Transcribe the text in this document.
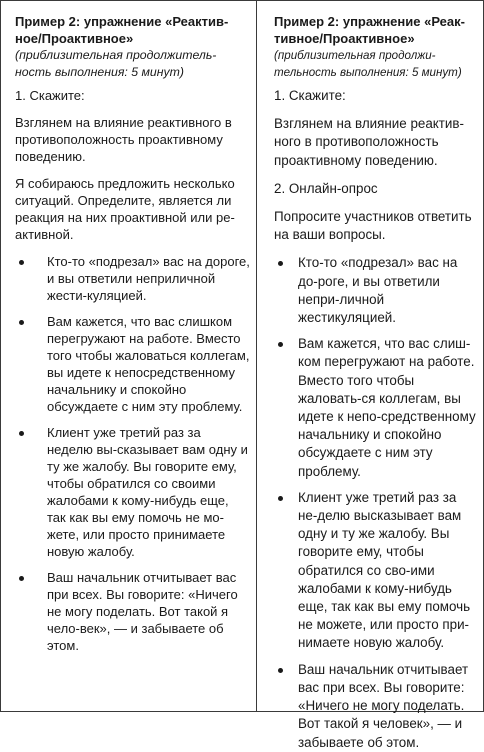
Пример 2: упражнение «Реактив-
ное/Проактивное»

(приблизительная продолжитель-
ность выполнения: 5 минут)

1. Скажите:

Взглянем на влияние реактивного в противоположность проактивному поведению.

Я собираюсь предложить несколько ситуаций. Определите, является ли реакция на них проактивной или ре-активной.

Кто-то «подрезал» вас на дороге, и вы ответили неприличной жести-куляцией.
Вам кажется, что вас слишком перегружают на работе. Вместо того чтобы жаловаться коллегам, вы идете к непосредственному начальнику и спокойно обсуждаете с ним эту проблему.
Клиент уже третий раз за неделю вы-сказывает вам одну и ту же жалобу. Вы говорите ему, чтобы обратился со своими жалобами к кому-нибудь еще, так как вы ему помочь не мо-жете, или просто принимаете новую жалобу.
Ваш начальник отчитывает вас при всех. Вы говорите: «Ничего не могу поделать. Вот такой я чело-век», — и забываете об этом.

Пример 2: упражнение «Реак-
тивное/Проактивное»

(приблизительная продолжи-
тельность выполнения: 5 минут)

1. Скажите:

Взглянем на влияние реактив-ного в противоположность проактивному поведению.

2. Онлайн-опрос

Попросите участников ответить на ваши вопросы.

Кто-то «подрезал» вас на до-роге, и вы ответили непри-личной жестикуляцией.
Вам кажется, что вас слиш-ком перегружают на работе. Вместо того чтобы жаловать-ся коллегам, вы идете к непо-средственному начальнику и спокойно обсуждаете с ним эту проблему.
Клиент уже третий раз за не-делю высказывает вам одну и ту же жалобу. Вы говорите ему, чтобы обратился со сво-ими жалобами к кому-нибудь еще, так как вы ему помочь не можете, или просто при-нимаете новую жалобу.
Ваш начальник отчитывает вас при всех. Вы говорите: «Ничего не могу поделать. Вот такой я человек», — и забываете об этом.
